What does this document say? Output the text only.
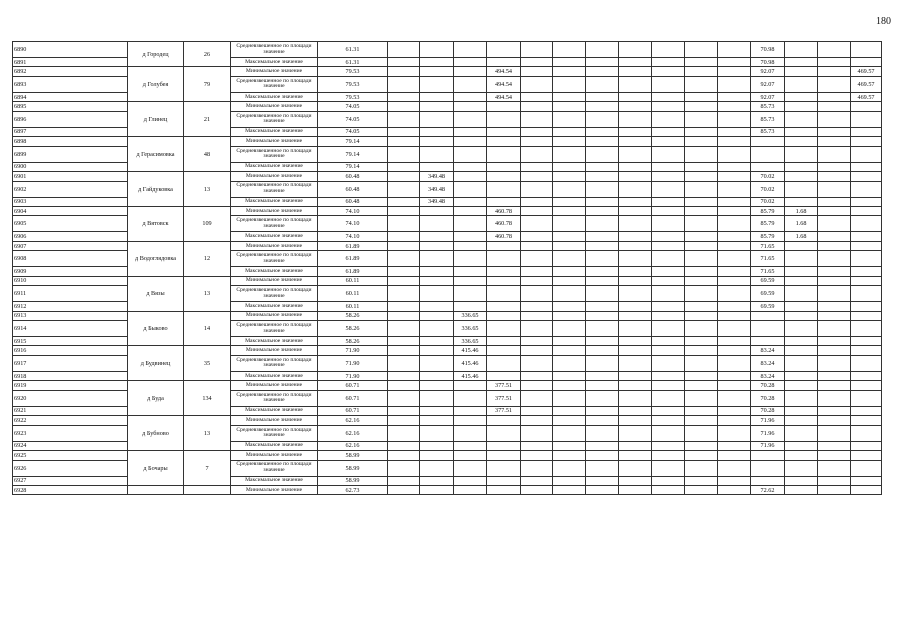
180
6890	д Городец	26	Средневзвешенное по площади значение	61.31												70.98			
6891			Максимальное значение	61.31												70.98			
6892	д Голубея	79	Минимальное значение	79.53				494.54								92.07			469.57
6893			Средневзвешенное по площади значение	79.53				494.54								92.07			469.57
6894			Максимальное значение	79.53				494.54								92.07			469.57
6895	д Глинец	21	Минимальное значение	74.05												85.73			
6896			Средневзвешенное по площади значение	74.05												85.73			
6897			Максимальное значение	74.05												85.73			
6898	д Герасимовка	48	Минимальное значение	79.14															
6899			Средневзвешенное по площади значение	79.14															
6900			Максимальное значение	79.14															
6901	д Гайдуковка	13	Минимальное значение	60.48		349.48										70.02			
6902			Средневзвешенное по площади значение	60.48		349.48										70.02			
6903			Максимальное значение	60.48		349.48										70.02			
6904	д Вятовск	109	Минимальное значение	74.10				460.78								85.79	1.68		
6905			Средневзвешенное по площади значение	74.10				460.78								85.79	1.68		
6906			Максимальное значение	74.10				460.78								85.79	1.68		
6907	д Водоглядовка	12	Минимальное значение	61.89												71.65			
6908			Средневзвешенное по площади значение	61.89												71.65			
6909			Максимальное значение	61.89												71.65			
6910	д Вязы	13	Минимальное значение	60.11												69.59			
6911			Средневзвешенное по площади значение	60.11												69.59			
6912			Максимальное значение	60.11												69.59			
6913	д Быково	14	Минимальное значение	58.26			336.65												
6914			Средневзвешенное по площади значение	58.26			336.65												
6915			Максимальное значение	58.26			336.65												
6916	д Будвинец	35	Минимальное значение	71.90			415.46									83.24			
6917			Средневзвешенное по площади значение	71.90			415.46									83.24			
6918			Максимальное значение	71.90			415.46									83.24			
6919	д Буда	134	Минимальное значение	60.71				377.51								70.28			
6920			Средневзвешенное по площади значение	60.71				377.51								70.28			
6921			Максимальное значение	60.71				377.51								70.28			
6922	д Бубново	13	Минимальное значение	62.16												71.96			
6923			Средневзвешенное по площади значение	62.16												71.96			
6924			Максимальное значение	62.16												71.96			
6925	д Бочары	7	Минимальное значение	58.99															
6926			Средневзвешенное по площади значение	58.99															
6927			Максимальное значение	58.99															
6928			Минимальное значение	62.73												72.62			
